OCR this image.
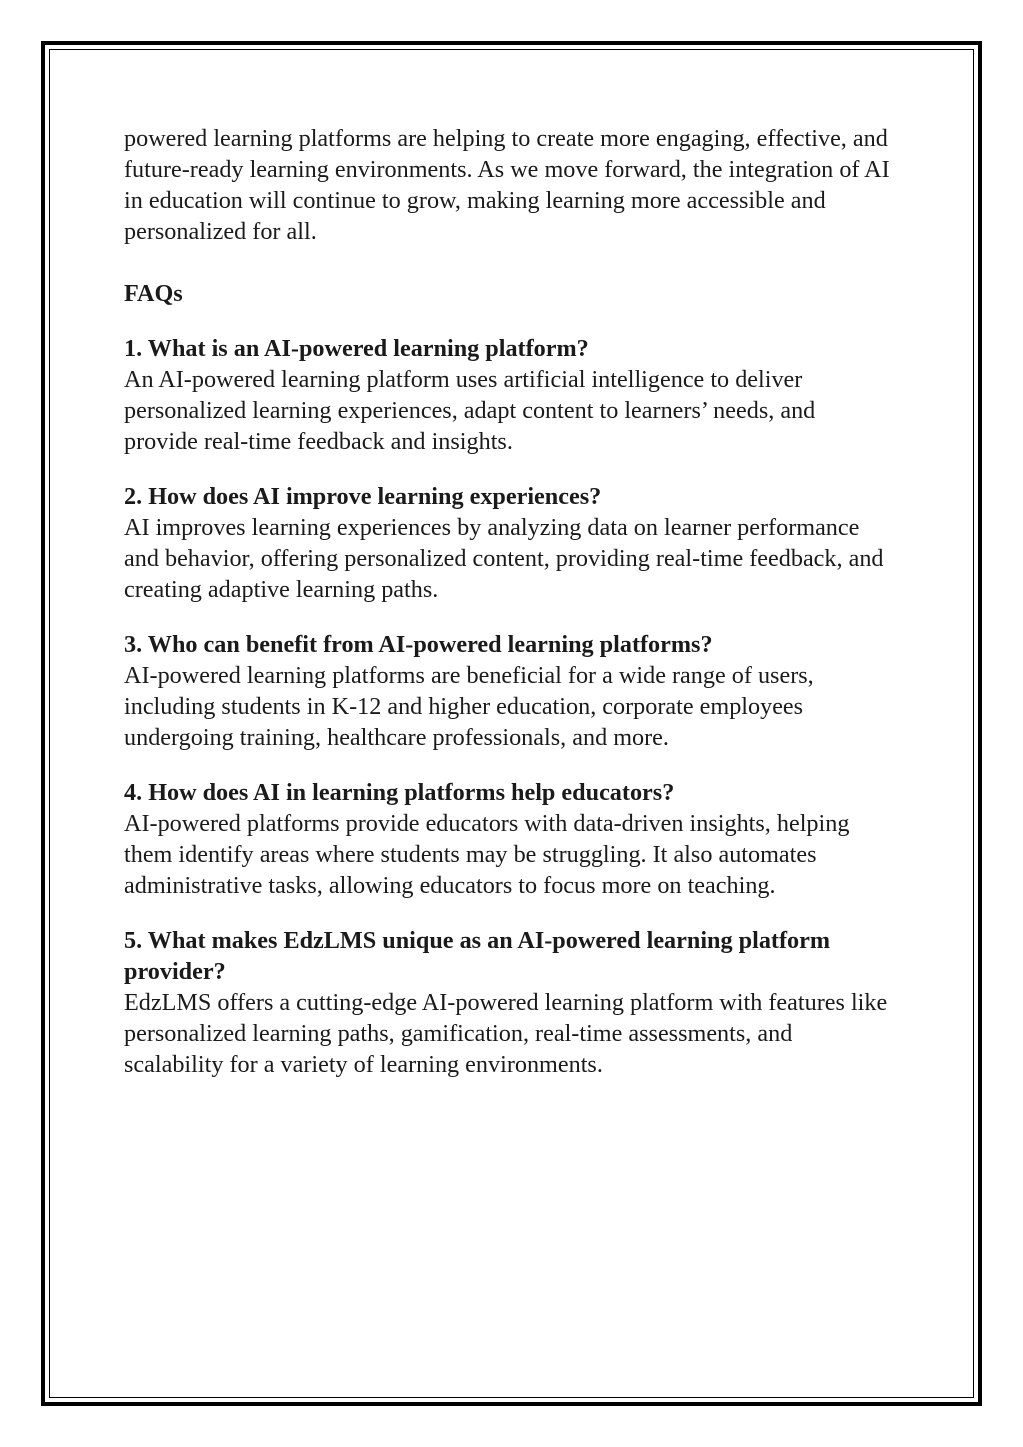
powered learning platforms are helping to create more engaging, effective, and future-ready learning environments. As we move forward, the integration of AI in education will continue to grow, making learning more accessible and personalized for all.

FAQs
1. What is an AI-powered learning platform?
An AI-powered learning platform uses artificial intelligence to deliver personalized learning experiences, adapt content to learners’ needs, and provide real-time feedback and insights.
2. How does AI improve learning experiences?
AI improves learning experiences by analyzing data on learner performance and behavior, offering personalized content, providing real-time feedback, and creating adaptive learning paths.
3. Who can benefit from AI-powered learning platforms?
AI-powered learning platforms are beneficial for a wide range of users, including students in K-12 and higher education, corporate employees undergoing training, healthcare professionals, and more.
4. How does AI in learning platforms help educators?
AI-powered platforms provide educators with data-driven insights, helping them identify areas where students may be struggling. It also automates administrative tasks, allowing educators to focus more on teaching.
5. What makes EdzLMS unique as an AI-powered learning platform provider?
EdzLMS offers a cutting-edge AI-powered learning platform with features like personalized learning paths, gamification, real-time assessments, and scalability for a variety of learning environments.
